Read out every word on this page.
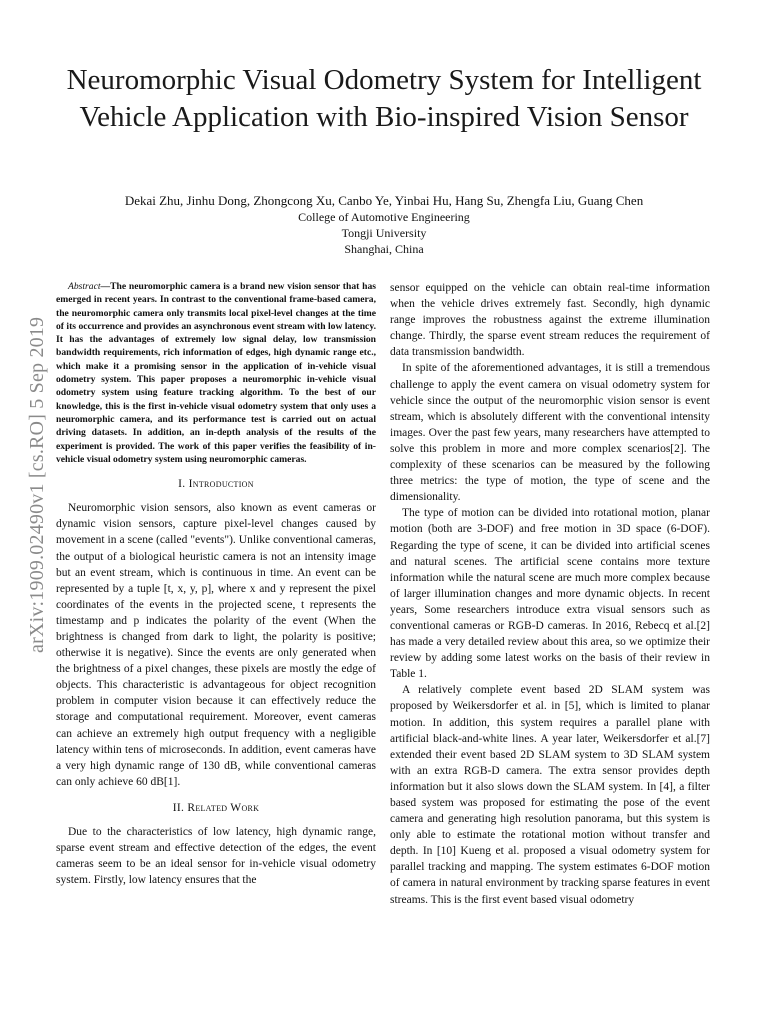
Neuromorphic Visual Odometry System for Intelligent Vehicle Application with Bio-inspired Vision Sensor
Dekai Zhu, Jinhu Dong, Zhongcong Xu, Canbo Ye, Yinbai Hu, Hang Su, Zhengfa Liu, Guang Chen
College of Automotive Engineering
Tongji University
Shanghai, China
arXiv:1909.02490v1 [cs.RO] 5 Sep 2019
Abstract—The neuromorphic camera is a brand new vision sensor that has emerged in recent years. In contrast to the conventional frame-based camera, the neuromorphic camera only transmits local pixel-level changes at the time of its occurrence and provides an asynchronous event stream with low latency. It has the advantages of extremely low signal delay, low transmission bandwidth requirements, rich information of edges, high dynamic range etc., which make it a promising sensor in the application of in-vehicle visual odometry system. This paper proposes a neuromorphic in-vehicle visual odometry system using feature tracking algorithm. To the best of our knowledge, this is the first in-vehicle visual odometry system that only uses a neuromorphic camera, and its performance test is carried out on actual driving datasets. In addition, an in-depth analysis of the results of the experiment is provided. The work of this paper verifies the feasibility of in-vehicle visual odometry system using neuromorphic cameras.
I. Introduction

Neuromorphic vision sensors, also known as event cameras or dynamic vision sensors, capture pixel-level changes caused by movement in a scene (called "events"). Unlike conventional cameras, the output of a biological heuristic camera is not an intensity image but an event stream, which is continuous in time. An event can be represented by a tuple [t, x, y, p], where x and y represent the pixel coordinates of the events in the projected scene, t represents the timestamp and p indicates the polarity of the event (When the brightness is changed from dark to light, the polarity is positive; otherwise it is negative). Since the events are only generated when the brightness of a pixel changes, these pixels are mostly the edge of objects. This characteristic is advantageous for object recognition problem in computer vision because it can effectively reduce the storage and computational requirement. Moreover, event cameras can achieve an extremely high output frequency with a negligible latency within tens of microseconds. In addition, event cameras have a very high dynamic range of 130 dB, while conventional cameras can only achieve 60 dB[1].

II. Related Work

Due to the characteristics of low latency, high dynamic range, sparse event stream and effective detection of the edges, the event cameras seem to be an ideal sensor for in-vehicle visual odometry system. Firstly, low latency ensures that the

sensor equipped on the vehicle can obtain real-time information when the vehicle drives extremely fast. Secondly, high dynamic range improves the robustness against the extreme illumination change. Thirdly, the sparse event stream reduces the requirement of data transmission bandwidth.

In spite of the aforementioned advantages, it is still a tremendous challenge to apply the event camera on visual odometry system for vehicle since the output of the neuromorphic vision sensor is event stream, which is absolutely different with the conventional intensity images. Over the past few years, many researchers have attempted to solve this problem in more and more complex scenarios[2]. The complexity of these scenarios can be measured by the following three metrics: the type of motion, the type of scene and the dimensionality.

The type of motion can be divided into rotational motion, planar motion (both are 3-DOF) and free motion in 3D space (6-DOF). Regarding the type of scene, it can be divided into artificial scenes and natural scenes. The artificial scene contains more texture information while the natural scene are much more complex because of larger illumination changes and more dynamic objects. In recent years, Some researchers introduce extra visual sensors such as conventional cameras or RGB-D cameras. In 2016, Rebecq et al.[2] has made a very detailed review about this area, so we optimize their review by adding some latest works on the basis of their review in Table 1.

A relatively complete event based 2D SLAM system was proposed by Weikersdorfer et al. in [5], which is limited to planar motion. In addition, this system requires a parallel plane with artificial black-and-white lines. A year later, Weikersdorfer et al.[7] extended their event based 2D SLAM system to 3D SLAM system with an extra RGB-D camera. The extra sensor provides depth information but it also slows down the SLAM system. In [4], a filter based system was proposed for estimating the pose of the event camera and generating high resolution panorama, but this system is only able to estimate the rotational motion without transfer and depth. In [10] Kueng et al. proposed a visual odometry system for parallel tracking and mapping. The system estimates 6-DOF motion of camera in natural environment by tracking sparse features in event streams. This is the first event based visual odometry
